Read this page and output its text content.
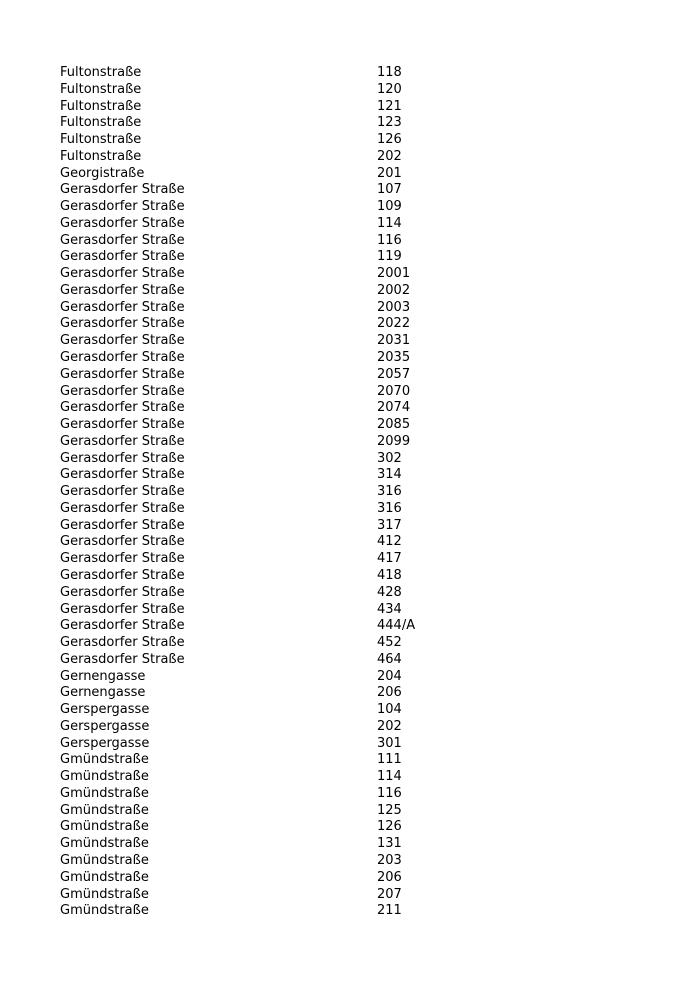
Fultonstraße	118
Fultonstraße	120
Fultonstraße	121
Fultonstraße	123
Fultonstraße	126
Fultonstraße	202
Georgistraße	201
Gerasdorfer Straße	107
Gerasdorfer Straße	109
Gerasdorfer Straße	114
Gerasdorfer Straße	116
Gerasdorfer Straße	119
Gerasdorfer Straße	2001
Gerasdorfer Straße	2002
Gerasdorfer Straße	2003
Gerasdorfer Straße	2022
Gerasdorfer Straße	2031
Gerasdorfer Straße	2035
Gerasdorfer Straße	2057
Gerasdorfer Straße	2070
Gerasdorfer Straße	2074
Gerasdorfer Straße	2085
Gerasdorfer Straße	2099
Gerasdorfer Straße	302
Gerasdorfer Straße	314
Gerasdorfer Straße	316
Gerasdorfer Straße	316
Gerasdorfer Straße	317
Gerasdorfer Straße	412
Gerasdorfer Straße	417
Gerasdorfer Straße	418
Gerasdorfer Straße	428
Gerasdorfer Straße	434
Gerasdorfer Straße	444/A
Gerasdorfer Straße	452
Gerasdorfer Straße	464
Gernengasse	204
Gernengasse	206
Gerspergasse	104
Gerspergasse	202
Gerspergasse	301
Gmündstraße	111
Gmündstraße	114
Gmündstraße	116
Gmündstraße	125
Gmündstraße	126
Gmündstraße	131
Gmündstraße	203
Gmündstraße	206
Gmündstraße	207
Gmündstraße	211
